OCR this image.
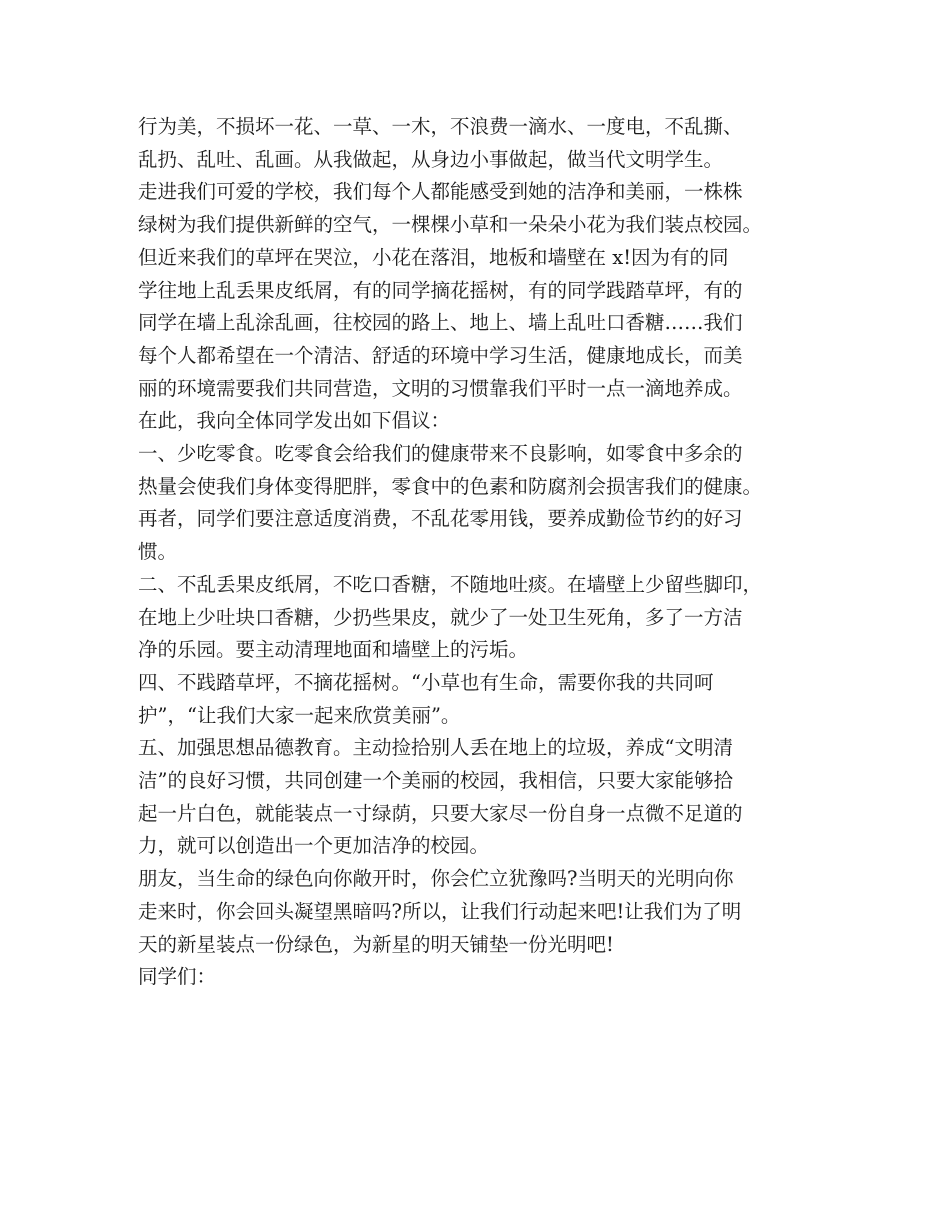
行为美，不损坏一花、一草、一木，不浪费一滴水、一度电，不乱撕、
乱扔、乱吐、乱画。从我做起，从身边小事做起，做当代文明学生。

走进我们可爱的学校，我们每个人都能感受到她的洁净和美丽，一株株
绿树为我们提供新鲜的空气，一棵棵小草和一朵朵小花为我们装点校园。
但近来我们的草坪在哭泣，小花在落泪，地板和墙壁在 x!因为有的同
学往地上乱丢果皮纸屑，有的同学摘花摇树，有的同学践踏草坪，有的
同学在墙上乱涂乱画，往校园的路上、地上、墙上乱吐口香糖……我们
每个人都希望在一个清洁、舒适的环境中学习生活，健康地成长，而美
丽的环境需要我们共同营造，文明的习惯靠我们平时一点一滴地养成。

在此，我向全体同学发出如下倡议：

一、少吃零食。吃零食会给我们的健康带来不良影响，如零食中多余的
热量会使我们身体变得肥胖，零食中的色素和防腐剂会损害我们的健康。
再者，同学们要注意适度消费，不乱花零用钱，要养成勤俭节约的好习
惯。

二、不乱丢果皮纸屑，不吃口香糖，不随地吐痰。在墙壁上少留些脚印，
在地上少吐块口香糖，少扔些果皮，就少了一处卫生死角，多了一方洁
净的乐园。要主动清理地面和墙壁上的污垢。

四、不践踏草坪，不摘花摇树。“小草也有生命，需要你我的共同呵
护”，“让我们大家一起来欣赏美丽”。

五、加强思想品德教育。主动捡拾别人丢在地上的垃圾，养成“文明清
洁”的良好习惯，共同创建一个美丽的校园，我相信，只要大家能够拾
起一片白色，就能装点一寸绿荫，只要大家尽一份自身一点微不足道的
力，就可以创造出一个更加洁净的校园。

朋友，当生命的绿色向你敞开时，你会伫立犹豫吗?当明天的光明向你
走来时，你会回头凝望黑暗吗?所以，让我们行动起来吧!让我们为了明
天的新星装点一份绿色，为新星的明天铺垫一份光明吧!

同学们：
